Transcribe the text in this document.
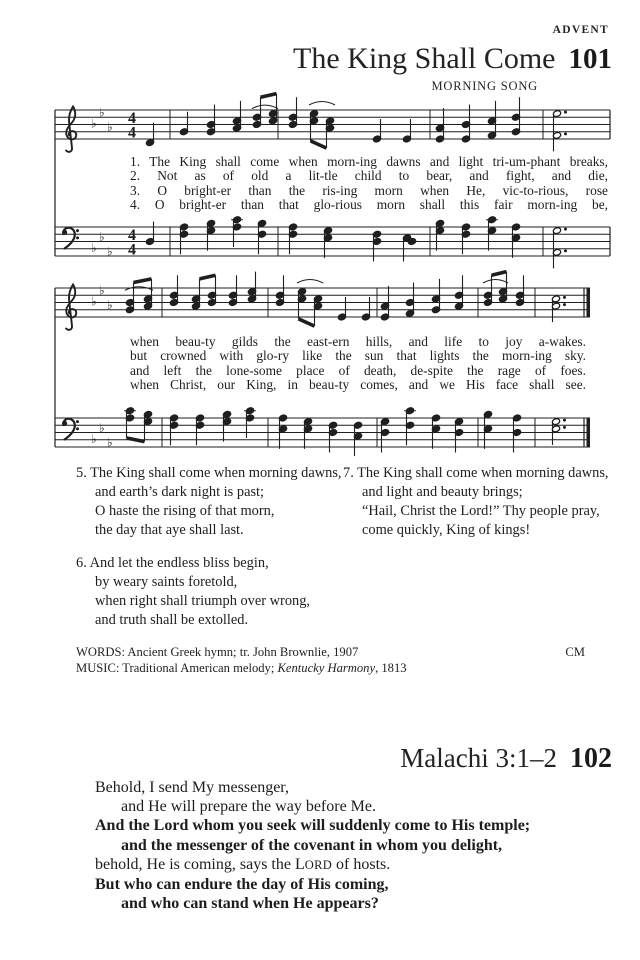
♭
♭
♭
4
4
♭
♭
♭
4
4
♭
♭
♭
♭
♭
♭
ADVENT
The King Shall Come 101
MORNING SONG
1. The King shall come when morn-ing dawns and light tri-um-phant breaks,
2. Not as of old a lit-tle child to bear, and fight, and die,
3. O bright-er than the ris-ing morn when He, vic-to-rious, rose
4. O bright-er than that glo-rious morn shall this fair morn-ing be,
when beau-ty gilds the east-ern hills, and life to joy a-wakes.
but crowned with glo-ry like the sun that lights the morn-ing sky.
and left the lone-some place of death, de-spite the rage of foes.
when Christ, our King, in beau-ty comes, and we His face shall see.
5. The King shall come when morning dawns,
and earth’s dark night is past;
O haste the rising of that morn,
the day that aye shall last.
6. And let the endless bliss begin,
by weary saints foretold,
when right shall triumph over wrong,
and truth shall be extolled.
7. The King shall come when morning dawns,
and light and beauty brings;
“Hail, Christ the Lord!” Thy people pray,
come quickly, King of kings!
WORDS: Ancient Greek hymn; tr. John Brownlie, 1907	CM
MUSIC: Traditional American melody; Kentucky Harmony, 1813
Malachi 3:1–2 102
Behold, I send My messenger,
and He will prepare the way before Me.
And the Lord whom you seek will suddenly come to His temple;
and the messenger of the covenant in whom you delight,
behold, He is coming, says the LORD of hosts.
But who can endure the day of His coming,
and who can stand when He appears?
